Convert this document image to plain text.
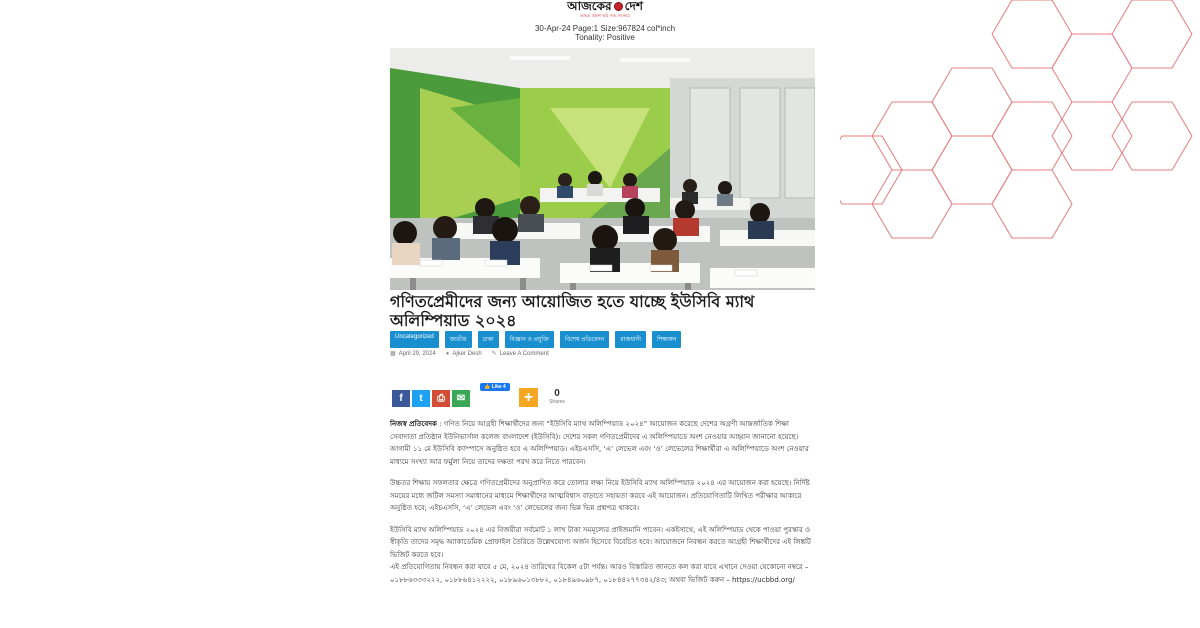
আজকের দেশ
আমরা প্রকাশ করি সত্য সবসময়
30-Apr-24 Page:1 Size:967824 col*inch
Tonality: Positive
গণিতপ্রেমীদের জন্য আয়োজিত হতে যাচ্ছে ইউসিবি ম্যাথ অলিম্পিয়াড ২০২৪
Uncategorized	জাতীয়	ঢাকা	বিজ্ঞান ও প্রযুক্তি	বিশেষ প্রতিবেদন	রাজধানী	শিক্ষাঙ্গন
▦ April 29, 2024 ● Ajker Desh ✎ Leave A Comment
👍 Like 4
f t ⎙ ✉	+	0
Shares

নিজস্ব প্রতিবেদক : গণিত নিয়ে আগ্রহী শিক্ষার্থীদের জন্য “ইউসিবি ম্যাথ অলিম্পিয়াড ২০২৪” আয়োজন করেছে দেশের অগ্রণী আন্তর্জাতিক শিক্ষা সেবাদাতা প্রতিষ্ঠান ইউনিভার্সাল কলেজ বাংলাদেশ (ইউসিবি)। দেশের সকল গণিতপ্রেমীদের এ অলিম্পিয়াডে অংশ নেওয়ার আহ্বান জানানো হয়েছে। আগামী ১১ মে ইউসিবি ক্যাম্পাসে অনুষ্ঠিত হবে এ অলিম্পিয়াড। এইচএসসি, ‘এ’ লেভেল এবং ‘ও’ লেভেলের শিক্ষার্থীরা এ অলিম্পিয়াডে অংশ নেওয়ার মাধ্যমে সংখ্যা আর ফর্মুলা নিয়ে তাদের দক্ষতা পরখ করে নিতে পারবেন।

উচ্চতর শিক্ষায় সফলতার ক্ষেত্রে গণিতপ্রেমীদের অনুপ্রাণিত করে তোলার লক্ষ্য নিয়ে ইউসিবি ম্যাথ অলিম্পিয়াড ২০২৪ এর আয়োজন করা হয়েছে। নির্দিষ্ট সময়ের মধ্যে জটিল সমস্যা সমাধানের মাধ্যমে শিক্ষার্থীদের আত্মবিশ্বাস বাড়াতে সহায়তা করবে এই আয়োজন। প্রতিযোগিতাটি লিখিত পরীক্ষার আকারে অনুষ্ঠিত হবে; এইচএসসি, ‘এ’ লেভেল এবং ‘ও’ লেভেলের জন্য ভিন্ন ভিন্ন প্রশ্নপত্র থাকবে।

ইউসিবি ম্যাথ অলিম্পিয়াড ২০২৪ এর বিজয়ীরা সর্বমোট ১ লাখ টাকা সমমূল্যের প্রাইজমানি পাবেন। একইসাথে, এই অলিম্পিয়াড থেকে পাওয়া পুরস্কার ও স্বীকৃতি তাদের সমৃদ্ধ অ্যাকাডেমিক প্রোফাইল তৈরিতে উল্লেখযোগ্য অর্জন হিসেবে বিবেচিত হবে। আয়োজনে নিবন্ধন করতে আগ্রহী শিক্ষার্থীদের এই লিঙ্কটি ভিজিট করতে হবে।

এই প্রতিযোগিতায় নিবন্ধন করা যাবে ৫ মে, ২০২৪ তারিখের বিকেল ৫টা পর্যন্ত। আরও বিস্তারিত জানতে কল করা যাবে এখানে দেওয়া যেকোনো নম্বরে – ০১৮৮৬৩৩৩২২২, ০১৮৮৬৪১২২২২, ০১৮৯৬০১৩৮৮২, ০১৮৪৯৬০৯৮৭, ০১৮৪৪২৭৭৩৪২/৪৩; অথবা ভিজিট করুন – https://ucbbd.org/
